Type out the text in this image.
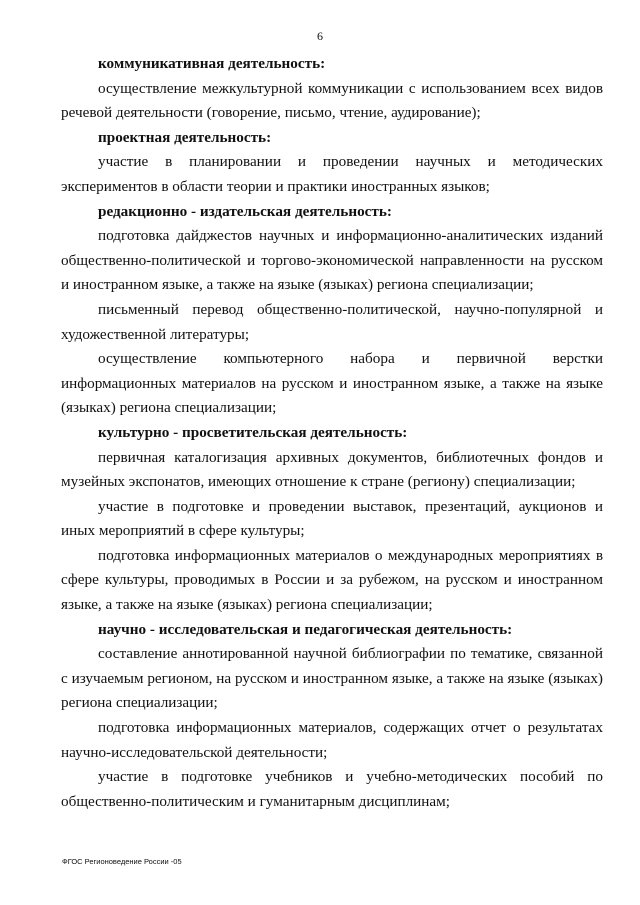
6

коммуникативная деятельность:

осуществление межкультурной коммуникации с использованием всех видов речевой деятельности (говорение, письмо, чтение, аудирование);

проектная деятельность:

участие в планировании и проведении научных и методических экспериментов в области теории и практики иностранных языков;

редакционно - издательская деятельность:

подготовка дайджестов научных и информационно-аналитических изданий общественно-политической и торгово-экономической направленности на русском и иностранном языке, а также на языке (языках) региона специализации;

письменный перевод общественно-политической, научно-популярной и художественной литературы;

осуществление компьютерного набора и первичной верстки информационных материалов на русском и иностранном языке, а также на языке (языках) региона специализации;

культурно - просветительская деятельность:

первичная каталогизация архивных документов, библиотечных фондов и музейных экспонатов, имеющих отношение к стране (региону) специализации;

участие в подготовке и проведении выставок, презентаций, аукционов и иных мероприятий в сфере культуры;

подготовка информационных материалов о международных мероприятиях в сфере культуры, проводимых в России и за рубежом, на русском и иностранном языке, а также на языке (языках) региона специализации;

научно - исследовательская и педагогическая деятельность:

составление аннотированной научной библиографии по тематике, связанной с изучаемым регионом, на русском и иностранном языке, а также на языке (языках) региона специализации;

подготовка информационных материалов, содержащих отчет о результатах научно-исследовательской деятельности;

участие в подготовке учебников и учебно-методических пособий по общественно-политическим и гуманитарным дисциплинам;

ФГОС Регионоведение России -05
